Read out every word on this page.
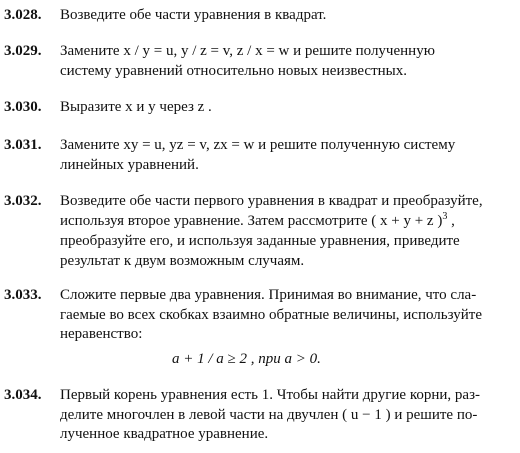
3.028. Возведите обе части уравнения в квадрат.
3.029. Замените x / y = u, y / z = v, z / x = w и решите полученную
систему уравнений относительно новых неизвестных.
3.030. Выразите x и y через z .
3.031. Замените xy = u, yz = v, zx = w и решите полученную систему
линейных уравнений.
3.032. Возведите обе части первого уравнения в квадрат и преобразуйте,
используя второе уравнение. Затем рассмотрите ( x + y + z )$^3$ ,
преобразуйте его, и используя заданные уравнения, приведите
результат к двум возможным случаям.
3.033. Сложите первые два уравнения. Принимая во внимание, что сла-
гаемые во всех скобках взаимно обратные величины, используйте
неравенство:
a + 1 / a ≥ 2 , при a > 0.
3.034. Первый корень уравнения есть 1. Чтобы найти другие корни, раз-
делите многочлен в левой части на двучлен ( u − 1 ) и решите по-
лученное квадратное уравнение.
